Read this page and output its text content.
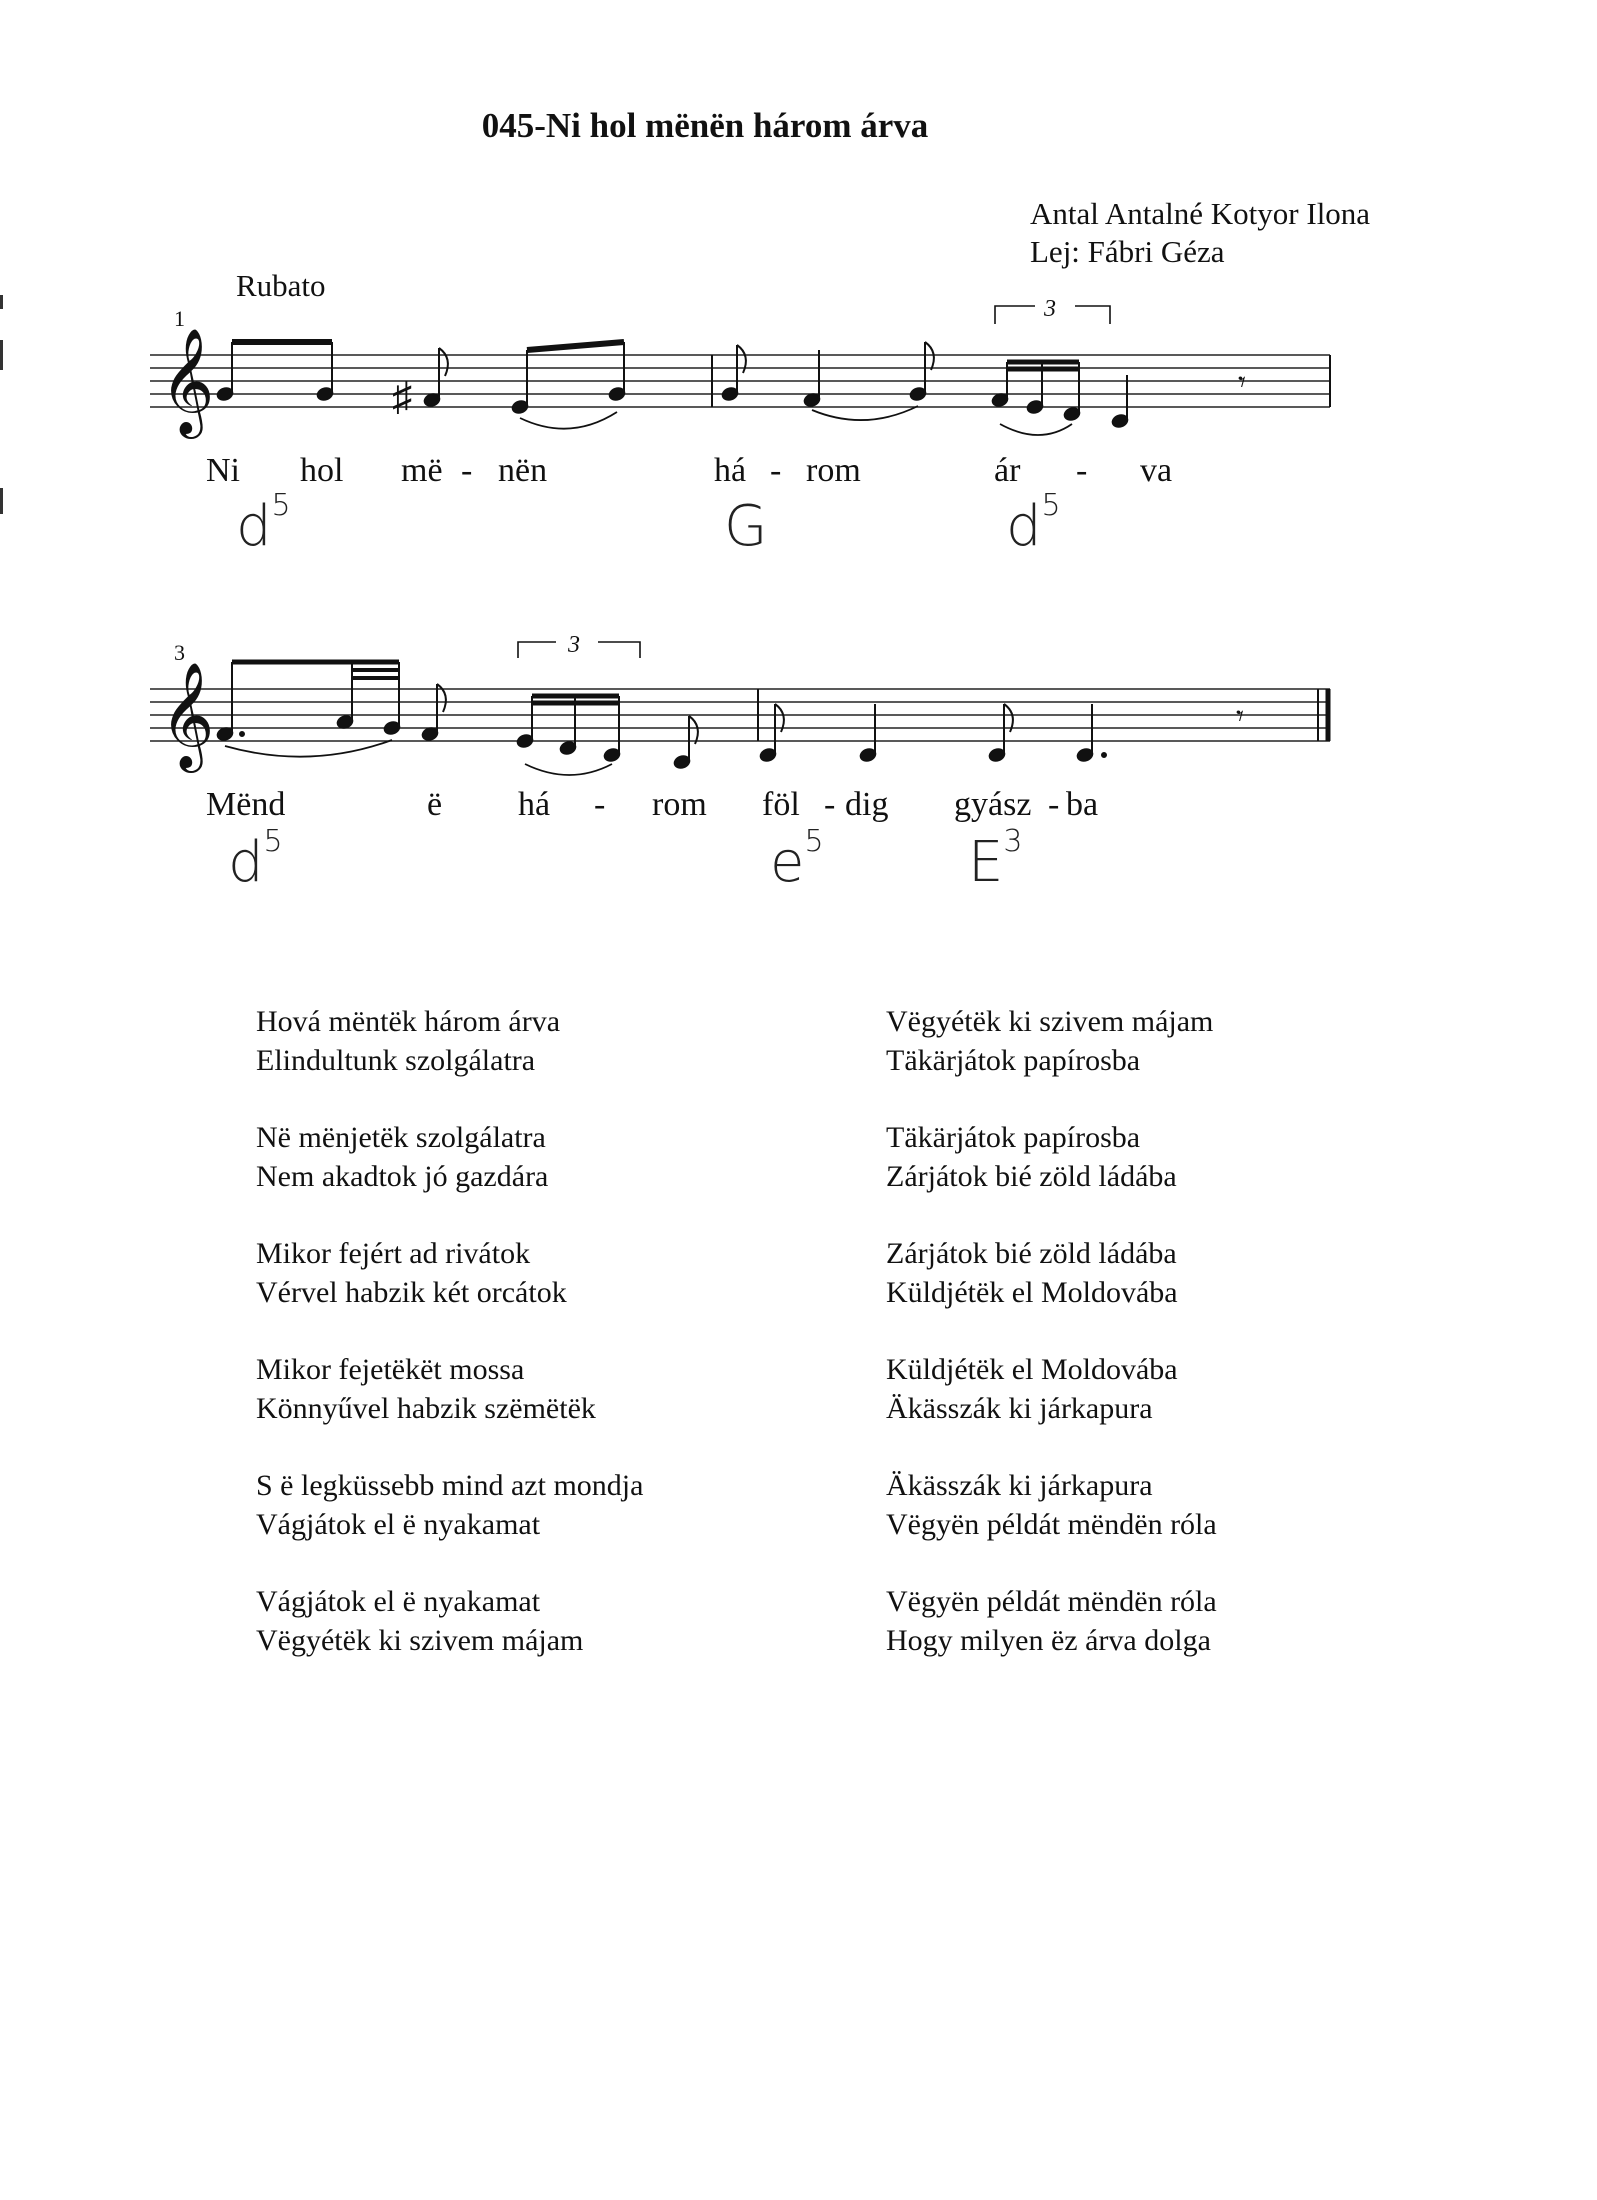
045-Ni hol mënën három árva
Antal Antalné Kotyor Ilona
Lej: Fábri Géza
Rubato
1
𝄞	♯	𝄾
3
Ni hol më - nën	há - rom	ár - va
$d^5$	G	$d^5$
3
𝄞	𝄾
3
Mënd	ë há - rom föl - dig gyász - ba
$d^5$	$e^5$	$E^3$
Hová mëntëk három árva
Elindultunk szolgálatra
Në mënjetëk szolgálatra
Nem akadtok jó gazdára
Mikor fejért ad rivátok
Vérvel habzik két orcátok
Mikor fejetëkët mossa
Könnyűvel habzik szëmëtëk
S ë legküssebb mind azt mondja
Vágjátok el ë nyakamat
Vágjátok el ë nyakamat
Vëgyétëk ki szivem májam
Vëgyétëk ki szivem májam
Täkärjátok papírosba
Täkärjátok papírosba
Zárjátok bié zöld ládába
Zárjátok bié zöld ládába
Küldjétëk el Moldovába
Küldjétëk el Moldovába
Äkässzák ki járkapura
Äkässzák ki járkapura
Vëgyën példát mëndën róla
Vëgyën példát mëndën róla
Hogy milyen ëz árva dolga
